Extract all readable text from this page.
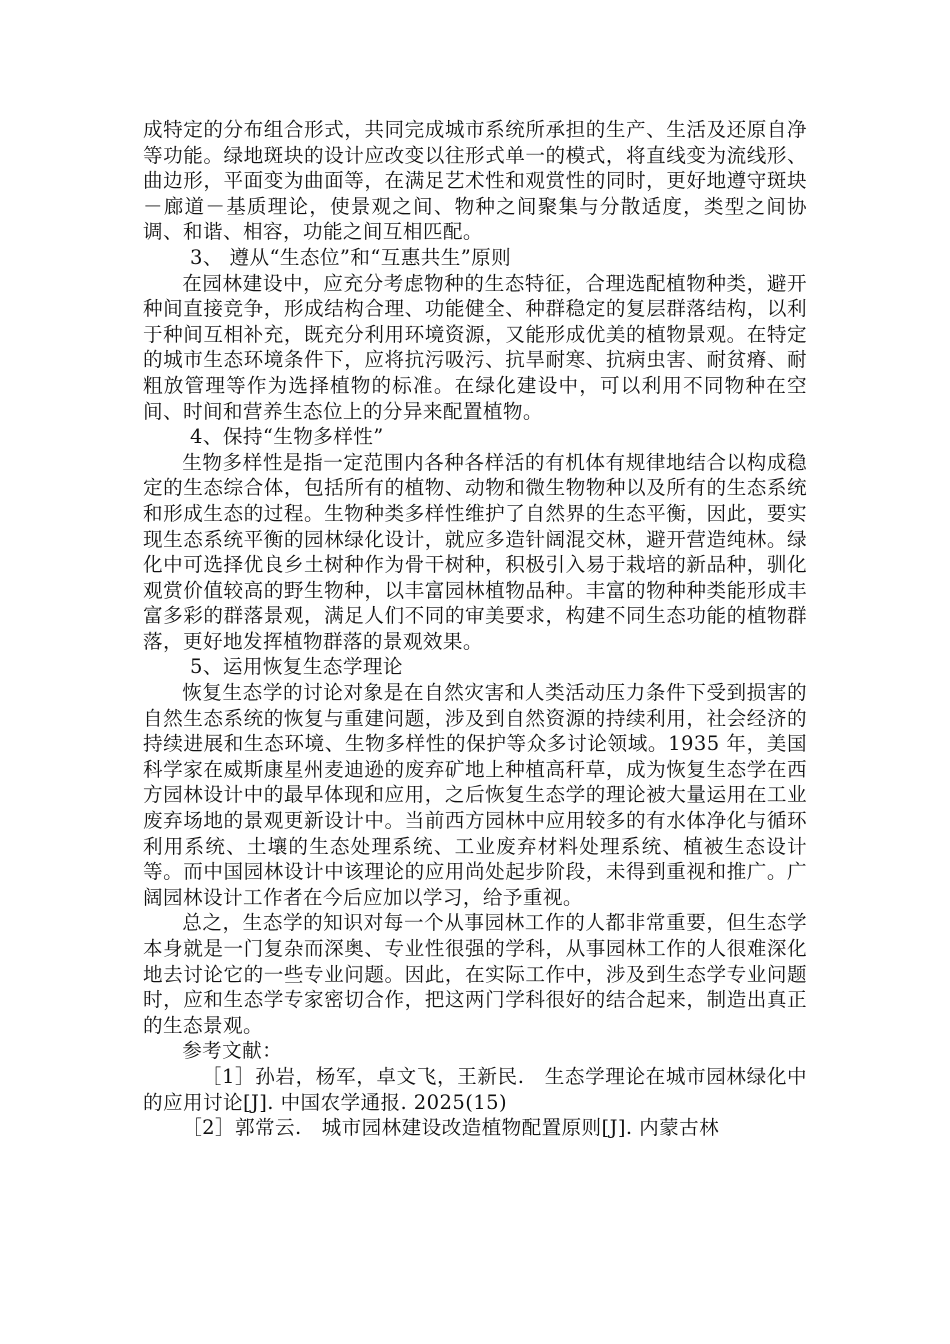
成特定的分布组合形式，共同完成城市系统所承担的生产、生活及还原自净等功能。绿地斑块的设计应改变以往形式单一的模式，将直线变为流线形、曲边形，平面变为曲面等，在满足艺术性和观赏性的同时，更好地遵守斑块－廊道－基质理论，使景观之间、物种之间聚集与分散适度，类型之间协调、和谐、相容，功能之间互相匹配。

3、 遵从“生态位”和“互惠共生”原则

在园林建设中，应充分考虑物种的生态特征，合理选配植物种类，避开种间直接竞争，形成结构合理、功能健全、种群稳定的复层群落结构，以利于种间互相补充，既充分利用环境资源，又能形成优美的植物景观。在特定的城市生态环境条件下，应将抗污吸污、抗旱耐寒、抗病虫害、耐贫瘠、耐粗放管理等作为选择植物的标准。在绿化建设中，可以利用不同物种在空间、时间和营养生态位上的分异来配置植物。

4、保持“生物多样性”

生物多样性是指一定范围内各种各样活的有机体有规律地结合以构成稳定的生态综合体，包括所有的植物、动物和微生物物种以及所有的生态系统和形成生态的过程。生物种类多样性维护了自然界的生态平衡，因此，要实现生态系统平衡的园林绿化设计，就应多造针阔混交林，避开营造纯林。绿化中可选择优良乡土树种作为骨干树种，积极引入易于栽培的新品种，驯化观赏价值较高的野生物种，以丰富园林植物品种。丰富的物种种类能形成丰富多彩的群落景观，满足人们不同的审美要求，构建不同生态功能的植物群落，更好地发挥植物群落的景观效果。

5、运用恢复生态学理论

恢复生态学的讨论对象是在自然灾害和人类活动压力条件下受到损害的自然生态系统的恢复与重建问题，涉及到自然资源的持续利用，社会经济的持续进展和生态环境、生物多样性的保护等众多讨论领域。1935 年，美国科学家在威斯康星州麦迪逊的废弃矿地上种植高秆草，成为恢复生态学在西方园林设计中的最早体现和应用，之后恢复生态学的理论被大量运用在工业废弃场地的景观更新设计中。当前西方园林中应用较多的有水体净化与循环利用系统、土壤的生态处理系统、工业废弃材料处理系统、植被生态设计等。而中国园林设计中该理论的应用尚处起步阶段，未得到重视和推广。广阔园林设计工作者在今后应加以学习，给予重视。

总之，生态学的知识对每一个从事园林工作的人都非常重要，但生态学本身就是一门复杂而深奥、专业性很强的学科，从事园林工作的人很难深化地去讨论它的一些专业问题。因此，在实际工作中，涉及到生态学专业问题时，应和生态学专家密切合作，把这两门学科很好的结合起来，制造出真正的生态景观。

参考文献：

［1］孙岩，杨军，卓文飞，王新民.　生态学理论在城市园林绿化中的应用讨论[J]. 中国农学通报. 2025(15)

［2］郭常云.　城市园林建设改造植物配置原则[J]. 内蒙古林
